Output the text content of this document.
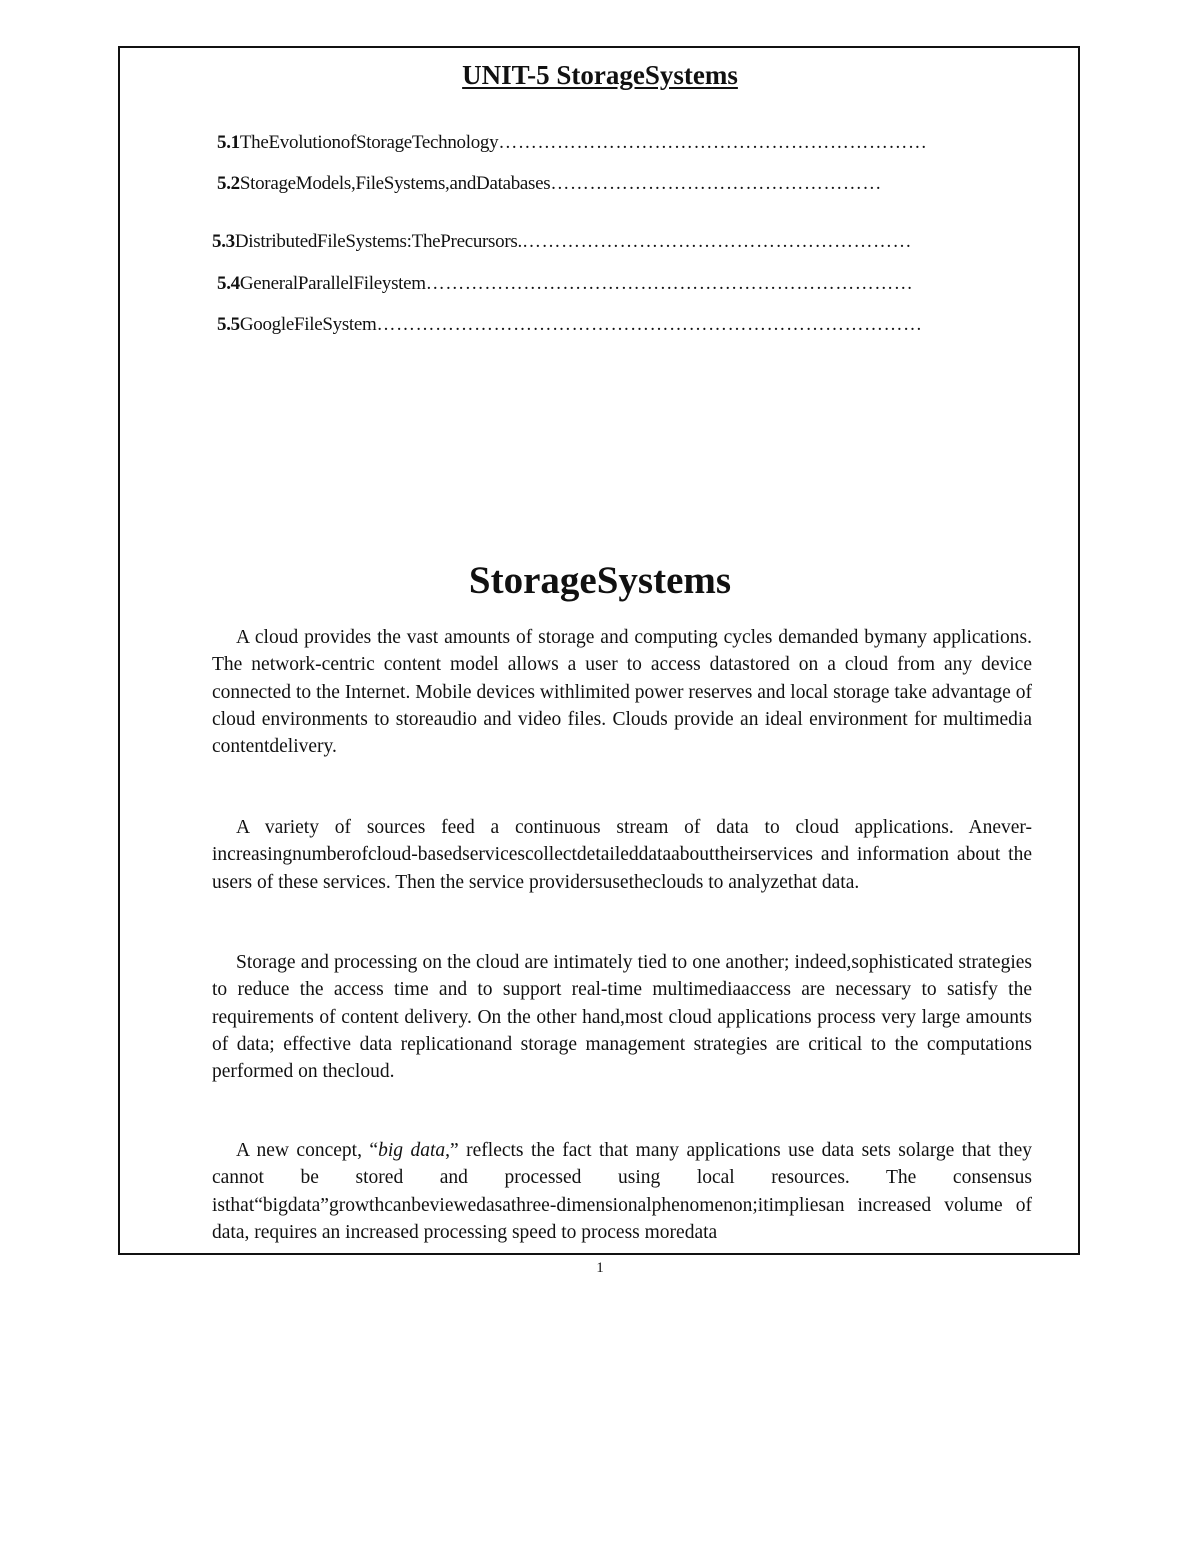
UNIT-5 StorageSystems
5.1TheEvolutionofStorageTechnology…………………………………………………………
5.2StorageModels,FileSystems,andDatabases……………………………………………
5.3DistributedFileSystems:ThePrecursors.……………………………………………………
5.4GeneralParallelFileystem…………………………………………………………………
5.5GoogleFileSystem…………………………………………………………………………
StorageSystems

A cloud provides the vast amounts of storage and computing cycles demanded bymany applications. The network-centric content model allows a user to access datastored on a cloud from any device connected to the Internet. Mobile devices withlimited power reserves and local storage take advantage of cloud environments to storeaudio and video files. Clouds provide an ideal environment for multimedia contentdelivery.

A variety of sources feed a continuous stream of data to cloud applications. Anever-increasingnumberofcloud-basedservicescollectdetaileddataabouttheirservices and information about the users of these services. Then the service providersusetheclouds to analyzethat data.

Storage and processing on the cloud are intimately tied to one another; indeed,sophisticated strategies to reduce the access time and to support real-time multimediaaccess are necessary to satisfy the requirements of content delivery. On the other hand,most cloud applications process very large amounts of data; effective data replicationand storage management strategies are critical to the computations performed on thecloud.

A new concept, “big data,” reflects the fact that many applications use data sets solarge that they cannot be stored and processed using local resources. The consensus isthat“bigdata”growthcanbeviewedasathree-dimensionalphenomenon;itimpliesan increased volume of data, requires an increased processing speed to process moredata

1
